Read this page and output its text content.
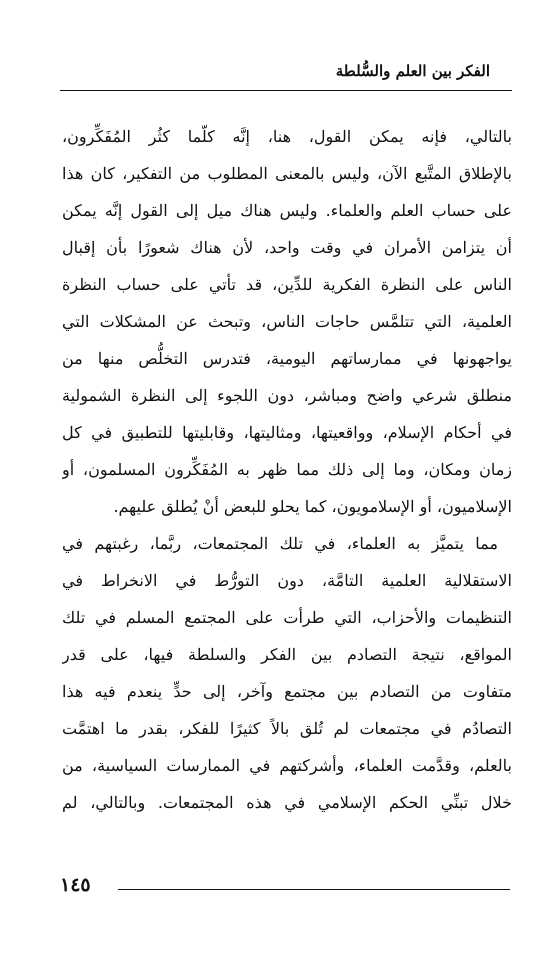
الفكر بين العلم والسُّلطة
بالتالي، فإنه يمكن القول، هنا، إنَّه كلّما كثُر المُفَكِّرون،
بالإطلاق المتَّبع الآن، وليس بالمعنى المطلوب من التفكير، كان هذا
على حساب العلم والعلماء. وليس هناك ميل إلى القول إنَّه يمكن
أن يتزامن الأمران في وقت واحد، لأن هناك شعورًا بأن إقبال
الناس على النظرة الفكرية للدِّين، قد تأتي على حساب النظرة
العلمية، التي تتلمَّس حاجات الناس، وتبحث عن المشكلات التي
يواجهونها في ممارساتهم اليومية، فتدرس التخلُّص منها من
منطلق شرعي واضح ومباشر، دون اللجوء إلى النظرة الشمولية
في أحكام الإسلام، وواقعيتها، ومثاليتها، وقابليتها للتطبيق في كل
زمان ومكان، وما إلى ذلك مما ظهر به المُفَكِّرون المسلمون، أو
الإسلاميون، أو الإسلامويون، كما يحلو للبعض أنْ يُطلق عليهم.
مما يتميَّز به العلماء، في تلك المجتمعات، ربَّما، رغبتهم في
الاستقلالية العلمية التامَّة، دون التورُّط في الانخراط في
التنظيمات والأحزاب، التي طرأت على المجتمع المسلم في تلك
المواقع، نتيجة التصادم بين الفكر والسلطة فيها، على قدر
متفاوت من التصادم بين مجتمع وآخر، إلى حدٍّ ينعدم فيه هذا
التصادُم في مجتمعات لم تُلق بالاً كثيرًا للفكر، بقدر ما اهتمَّت
بالعلم، وقدَّمت العلماء، وأشركتهم في الممارسات السياسية، من
خلال تبنِّي الحكم الإسلامي في هذه المجتمعات. وبالتالي، لم
١٤٥
